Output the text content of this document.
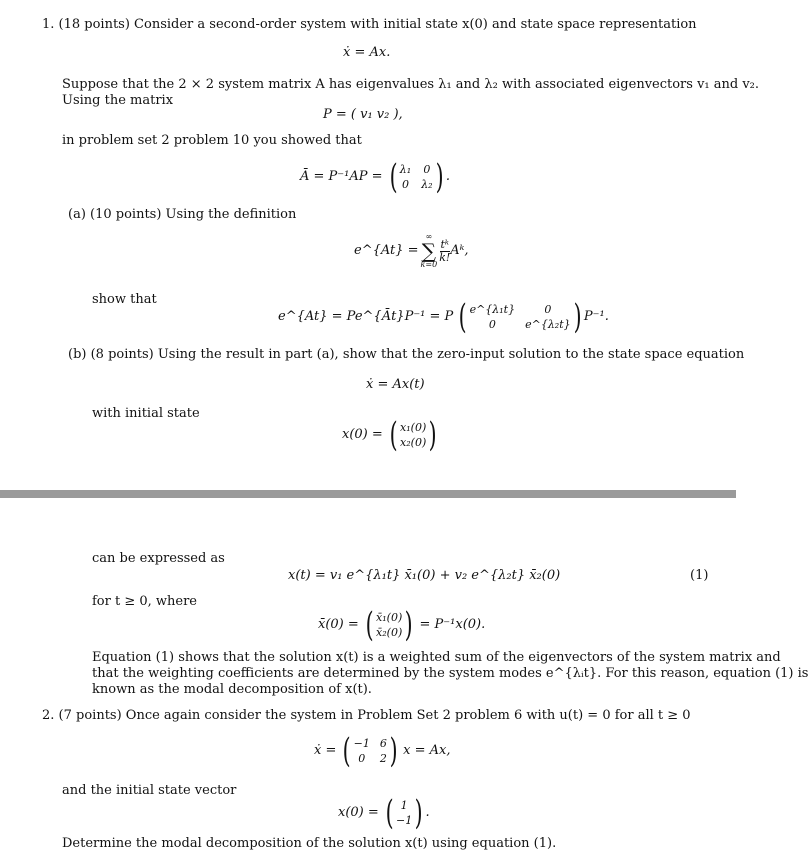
1. (18 points) Consider a second-order system with initial state x(0) and state space representation
ẋ = Ax.
Suppose that the 2 × 2 system matrix A has eigenvalues λ₁ and λ₂ with associated eigenvectors v₁ and v₂.
Using the matrix
P = ( v₁ v₂ ),
in problem set 2 problem 10 you showed that
Ā = P⁻¹AP = ( λ₁ 0
0 λ₂ ) .
(a) (10 points) Using the definition
e^{At} =
∞
∑
k=0
$\frac{\text{tᵏ}}{k!}$ Aᵏ,
show that
e^{At} = Pe^{Āt}P⁻¹ = P ( e^{λ₁t}	0
0	e^{λ₂t} ) P⁻¹.
(b) (8 points) Using the result in part (a), show that the zero-input solution to the state space equation
ẋ = Ax(t)
with initial state
x(0) = ( x₁(0)
x₂(0) )
can be expressed as
x(t) = v₁ e^{λ₁t} x̄₁(0) + v₂ e^{λ₂t} x̄₂(0)	(1)
for t ≥ 0, where
x̄(0) = ( x̄₁(0)
x̄₂(0) ) = P⁻¹x(0).
Equation (1) shows that the solution x(t) is a weighted sum of the eigenvectors of the system matrix and
that the weighting coefficients are determined by the system modes e^{λᵢt}. For this reason, equation (1) is
known as the modal decomposition of x(t).
2. (7 points) Once again consider the system in Problem Set 2 problem 6 with u(t) = 0 for all t ≥ 0
ẋ = ( −1 6
0	2 ) x = Ax,
and the initial state vector
x(0) = ( 1
−1 ) .
Determine the modal decomposition of the solution x(t) using equation (1).
